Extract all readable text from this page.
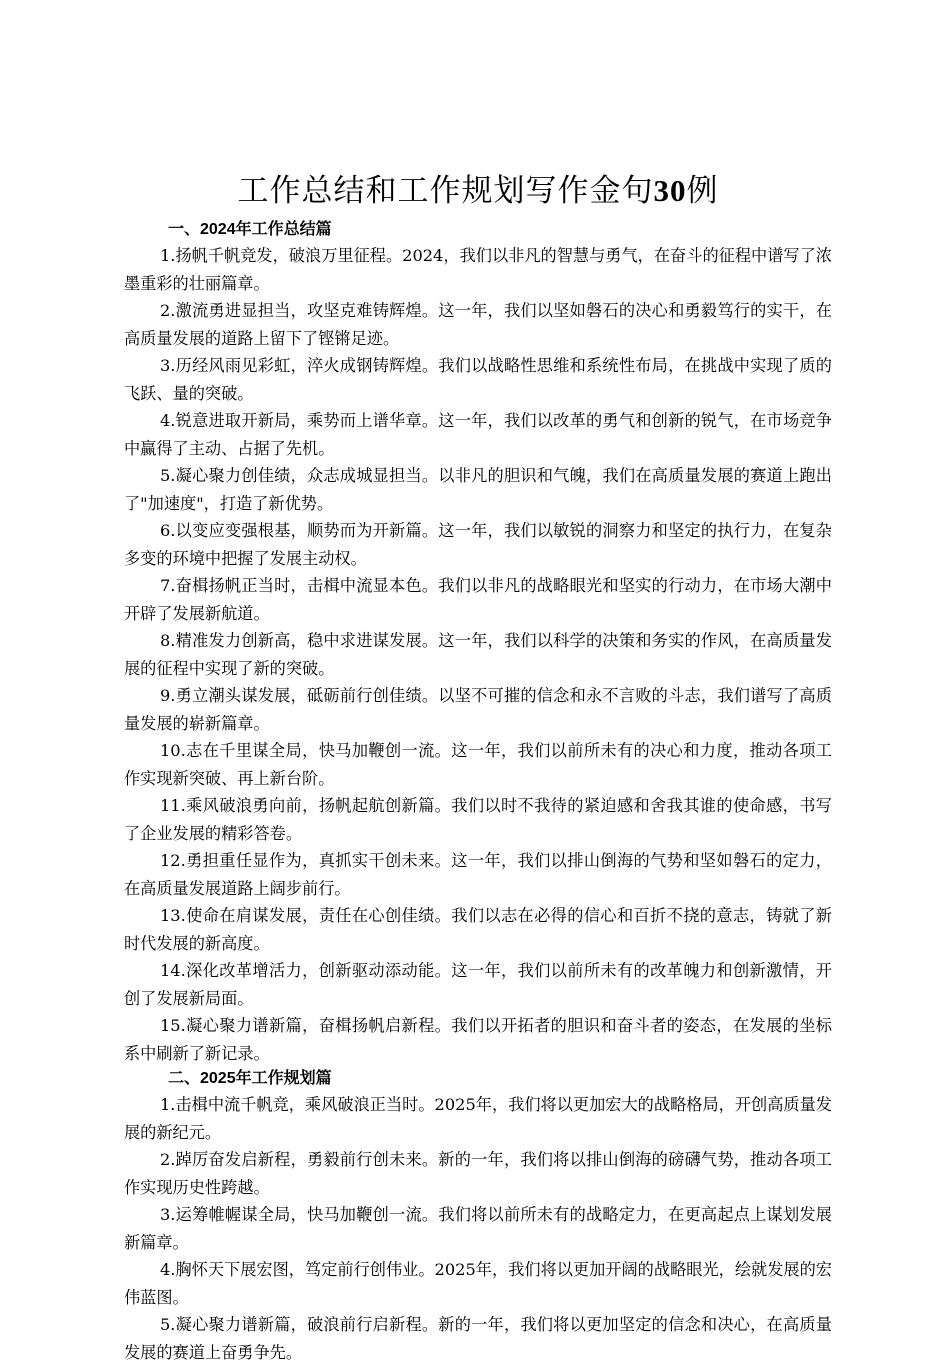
工作总结和工作规划写作金句30例
一、2024年工作总结篇

1.扬帆千帆竞发，破浪万里征程。2024，我们以非凡的智慧与勇气，在奋斗的征程中谱写了浓墨重彩的壮丽篇章。

2.激流勇进显担当，攻坚克难铸辉煌。这一年，我们以坚如磐石的决心和勇毅笃行的实干，在高质量发展的道路上留下了铿锵足迹。

3.历经风雨见彩虹，淬火成钢铸辉煌。我们以战略性思维和系统性布局，在挑战中实现了质的飞跃、量的突破。

4.锐意进取开新局，乘势而上谱华章。这一年，我们以改革的勇气和创新的锐气，在市场竞争中赢得了主动、占据了先机。

5.凝心聚力创佳绩，众志成城显担当。以非凡的胆识和气魄，我们在高质量发展的赛道上跑出了"加速度"，打造了新优势。

6.以变应变强根基，顺势而为开新篇。这一年，我们以敏锐的洞察力和坚定的执行力，在复杂多变的环境中把握了发展主动权。

7.奋楫扬帆正当时，击楫中流显本色。我们以非凡的战略眼光和坚实的行动力，在市场大潮中开辟了发展新航道。

8.精准发力创新高，稳中求进谋发展。这一年，我们以科学的决策和务实的作风，在高质量发展的征程中实现了新的突破。

9.勇立潮头谋发展，砥砺前行创佳绩。以坚不可摧的信念和永不言败的斗志，我们谱写了高质量发展的崭新篇章。

10.志在千里谋全局，快马加鞭创一流。这一年，我们以前所未有的决心和力度，推动各项工作实现新突破、再上新台阶。

11.乘风破浪勇向前，扬帆起航创新篇。我们以时不我待的紧迫感和舍我其谁的使命感，书写了企业发展的精彩答卷。

12.勇担重任显作为，真抓实干创未来。这一年，我们以排山倒海的气势和坚如磐石的定力，在高质量发展道路上阔步前行。

13.使命在肩谋发展，责任在心创佳绩。我们以志在必得的信心和百折不挠的意志，铸就了新时代发展的新高度。

14.深化改革增活力，创新驱动添动能。这一年，我们以前所未有的改革魄力和创新激情，开创了发展新局面。

15.凝心聚力谱新篇，奋楫扬帆启新程。我们以开拓者的胆识和奋斗者的姿态，在发展的坐标系中刷新了新记录。

二、2025年工作规划篇

1.击楫中流千帆竞，乘风破浪正当时。2025年，我们将以更加宏大的战略格局，开创高质量发展的新纪元。

2.踔厉奋发启新程，勇毅前行创未来。新的一年，我们将以排山倒海的磅礴气势，推动各项工作实现历史性跨越。

3.运筹帷幄谋全局，快马加鞭创一流。我们将以前所未有的战略定力，在更高起点上谋划发展新篇章。

4.胸怀天下展宏图，笃定前行创伟业。2025年，我们将以更加开阔的战略眼光，绘就发展的宏伟蓝图。

5.凝心聚力谱新篇，破浪前行启新程。新的一年，我们将以更加坚定的信念和决心，在高质量发展的赛道上奋勇争先。
